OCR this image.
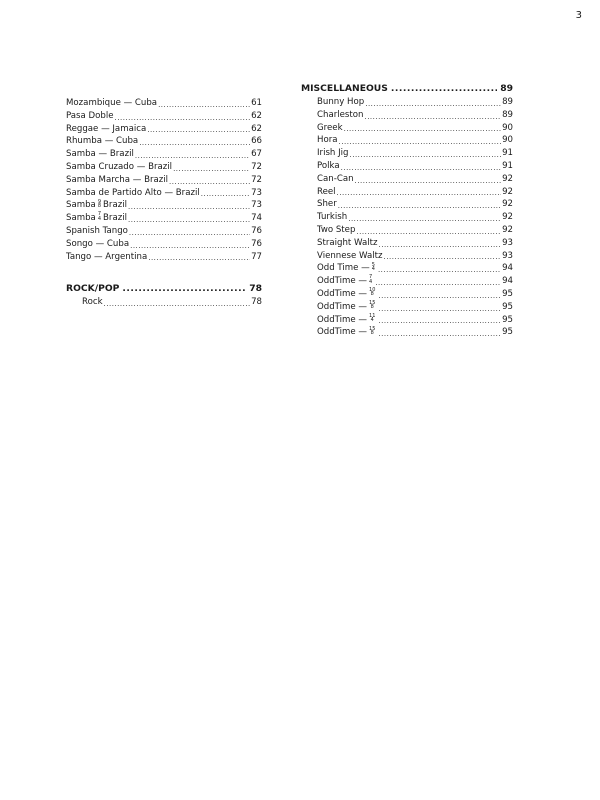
3
Mozambique — Cuba .....	61
Pasa Doble .....	62
Reggae — Jamaica .....	62
Rhumba — Cuba .....	66
Samba — Brazil .....	67
Samba Cruzado — Brazil .....	72
Samba Marcha — Brazil .....	72
Samba de Partido Alto — Brazil .....	73
Samba 9
8 Brazil .....	73
Samba 7
4 Brazil .....	74
Spanish Tango .....	76
Songo — Cuba .....	76
Tango — Argentina .....	77
ROCK/POP .....	78
Rock .....	78
MISCELLANEOUS .....	89
Bunny Hop .....	89
Charleston .....	89
Greek .....	90
Hora .....	90
Irish Jig .....	91
Polka .....	91
Can-Can .....	92
Reel .....	92
Sher .....	92
Turkish .....	92
Two Step .....	92
Straight Waltz .....	93
Viennese Waltz .....	93
Odd Time — 5
4 .....	94
OddTime — 7
4 .....	94
OddTime — 10
8 .....	95
OddTime — 15
8 .....	95
OddTime — 11
4 .....	95
OddTime — 15
8 .....	95
